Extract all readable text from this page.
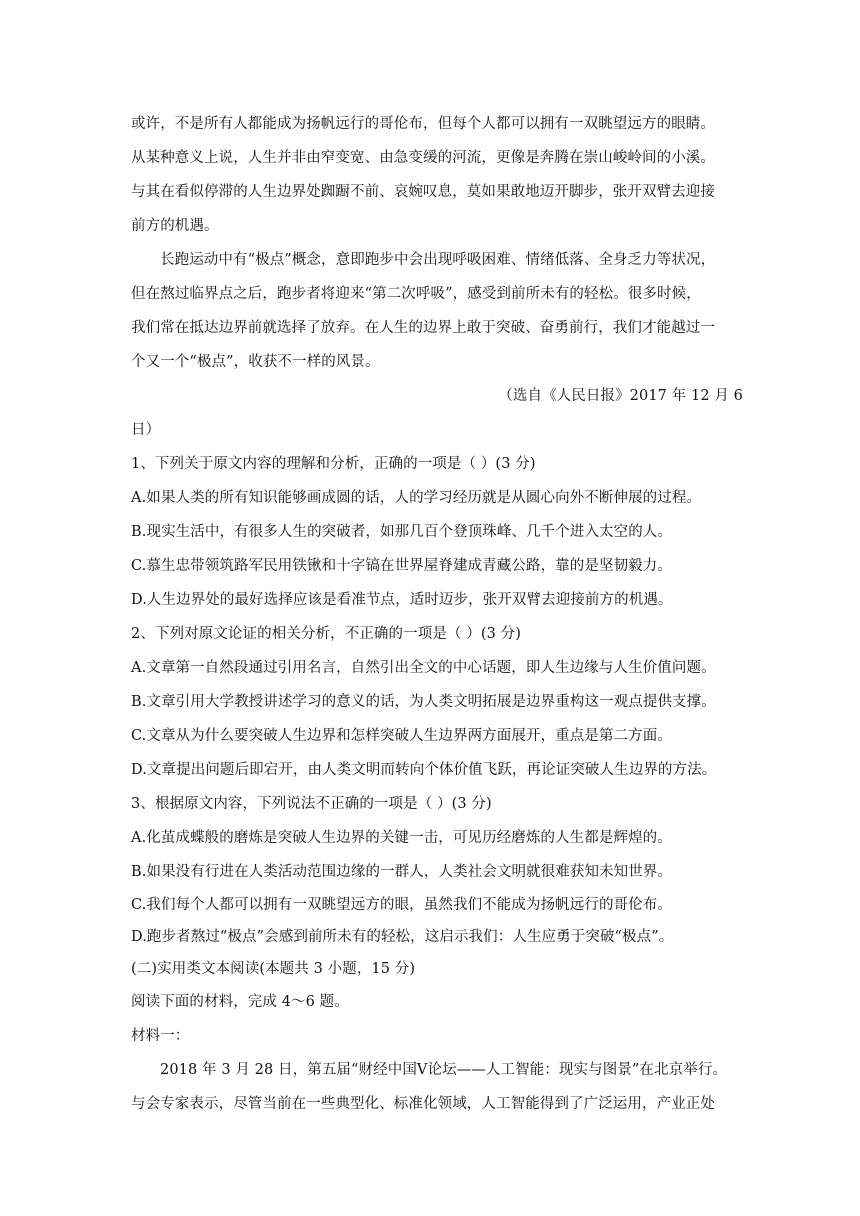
或许，不是所有人都能成为扬帆远行的哥伦布，但每个人都可以拥有一双眺望远方的眼睛。
从某种意义上说，人生并非由窄变宽、由急变缓的河流，更像是奔腾在崇山峻岭间的小溪。
与其在看似停滞的人生边界处踟蹰不前、哀婉叹息，莫如果敢地迈开脚步，张开双臂去迎接
前方的机遇。
长跑运动中有“极点”概念，意即跑步中会出现呼吸困难、情绪低落、全身乏力等状况，
但在熬过临界点之后，跑步者将迎来“第二次呼吸”，感受到前所未有的轻松。很多时候，
我们常在抵达边界前就选择了放弃。在人生的边界上敢于突破、奋勇前行，我们才能越过一
个又一个“极点”，收获不一样的风景。
（选自《人民日报》2017 年 12 月 6
日）
1、下列关于原文内容的理解和分析，正确的一项是（ ）(3 分)
A.如果人类的所有知识能够画成圆的话，人的学习经历就是从圆心向外不断伸展的过程。
B.现实生活中，有很多人生的突破者，如那几百个登顶珠峰、几千个进入太空的人。
C.慕生忠带领筑路军民用铁锹和十字镐在世界屋脊建成青藏公路，靠的是坚韧毅力。
D.人生边界处的最好选择应该是看准节点，适时迈步，张开双臂去迎接前方的机遇。
2、下列对原文论证的相关分析，不正确的一项是（ ）(3 分)
A.文章第一自然段通过引用名言，自然引出全文的中心话题，即人生边缘与人生价值问题。
B.文章引用大学教授讲述学习的意义的话，为人类文明拓展是边界重构这一观点提供支撑。
C.文章从为什么要突破人生边界和怎样突破人生边界两方面展开，重点是第二方面。
D.文章提出问题后即宕开，由人类文明而转向个体价值飞跃，再论证突破人生边界的方法。
3、根据原文内容，下列说法不正确的一项是（ ）(3 分)
A.化茧成蝶般的磨炼是突破人生边界的关键一击，可见历经磨炼的人生都是辉煌的。
B.如果没有行进在人类活动范围边缘的一群人，人类社会文明就很难获知未知世界。
C.我们每个人都可以拥有一双眺望远方的眼，虽然我们不能成为扬帆远行的哥伦布。
D.跑步者熬过“极点”会感到前所未有的轻松，这启示我们：人生应勇于突破“极点”。
(二)实用类文本阅读(本题共 3 小题，15 分)
阅读下面的材料，完成 4～6 题。
材料一：
2018 年 3 月 28 日，第五届“财经中国Ⅴ论坛——人工智能：现实与图景”在北京举行。
与会专家表示，尽管当前在一些典型化、标准化领域，人工智能得到了广泛运用，产业正处
